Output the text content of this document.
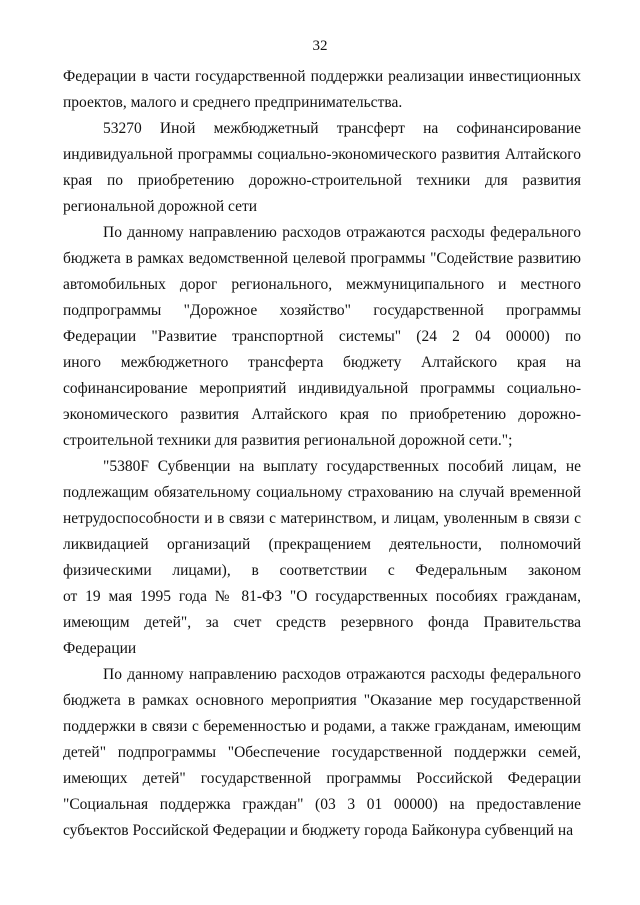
32
Федерации в части государственной поддержки реализации инвестиционных
проектов, малого и среднего предпринимательства.
53270 Иной межбюджетный трансферт на софинансирование
индивидуальной программы социально-экономического развития Алтайского
края по приобретению дорожно-строительной техники для развития
региональной дорожной сети
По данному направлению расходов отражаются расходы федерального
бюджета в рамках ведомственной целевой программы "Содействие развитию
автомобильных дорог регионального, межмуниципального и местного
подпрограммы "Дорожное хозяйство" государственной программы
Федерации "Развитие транспортной системы" (24 2 04 00000) по
иного межбюджетного трансферта бюджету Алтайского края на
софинансирование мероприятий индивидуальной программы социально-
экономического развития Алтайского края по приобретению дорожно-
строительной техники для развития региональной дорожной сети.";
"5380F Субвенции на выплату государственных пособий лицам, не
подлежащим обязательному социальному страхованию на случай временной
нетрудоспособности и в связи с материнством, и лицам, уволенным в связи с
ликвидацией организаций (прекращением деятельности, полномочий
физическими лицами), в соответствии с Федеральным законом
от 19 мая 1995 года № 81-ФЗ "О государственных пособиях гражданам,
имеющим детей", за счет средств резервного фонда Правительства
Федерации
По данному направлению расходов отражаются расходы федерального
бюджета в рамках основного мероприятия "Оказание мер государственной
поддержки в связи с беременностью и родами, а также гражданам, имеющим
детей" подпрограммы "Обеспечение государственной поддержки семей,
имеющих детей" государственной программы Российской Федерации
"Социальная поддержка граждан" (03 3 01 00000) на предоставление
субъектов Российской Федерации и бюджету города Байконура субвенций на
